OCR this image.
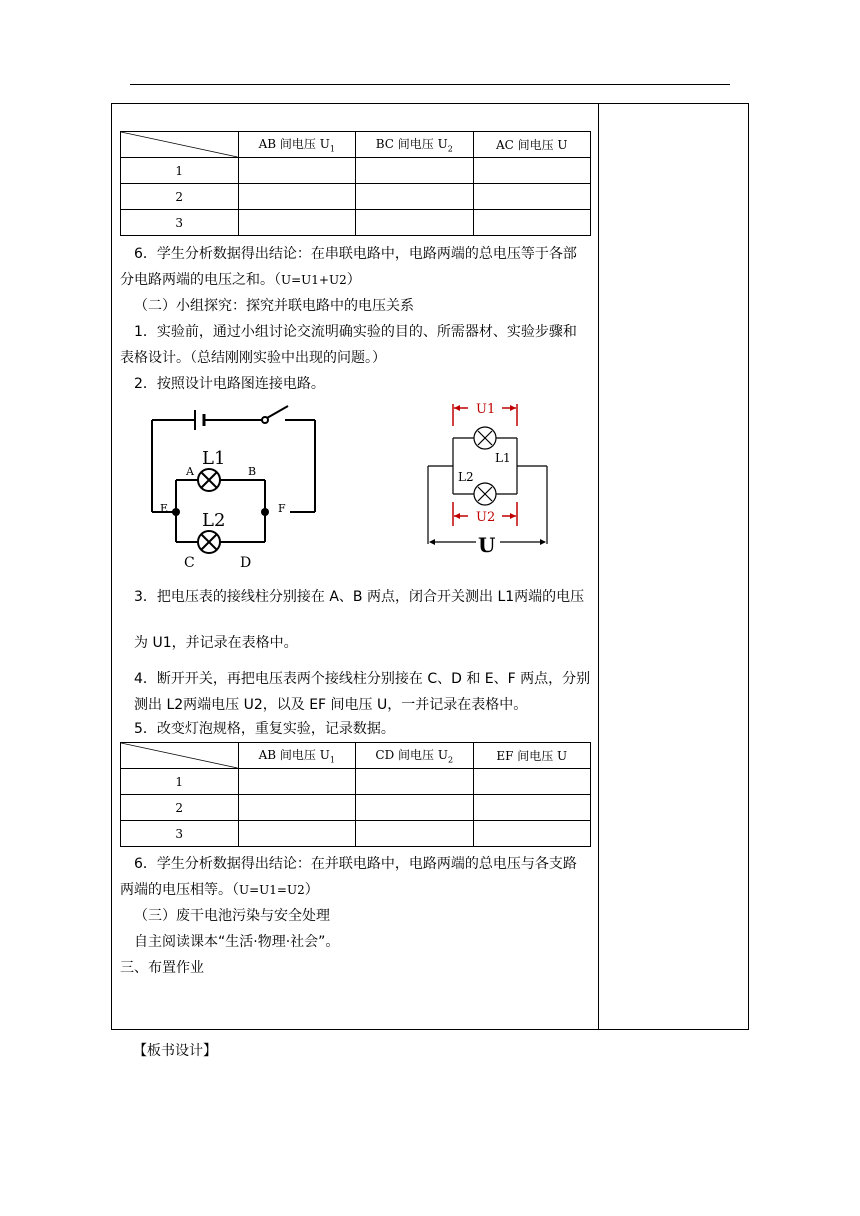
	AB 间电压 $U_1$	BC 间电压 $U_2$	AC 间电压 U
1			
2			
3			
6．学生分析数据得出结论：在串联电路中，电路两端的总电压等于各部
分电路两端的电压之和。（U=U1+U2）
（二）小组探究：探究并联电路中的电压关系
1．实验前，通过小组讨论交流明确实验的目的、所需器材、实验步骤和
表格设计。（总结刚刚实验中出现的问题。）
2．按照设计电路图连接电路。
L1
L2
A	B
E	F
C	D
U1
U2
L1
L2
U
3．把电压表的接线柱分别接在 A、B 两点，闭合开关测出 L1两端的电压
为 U1，并记录在表格中。
4．断开开关，再把电压表两个接线柱分别接在 C、D 和 E、F 两点，分别
测出 L2两端电压 U2，以及 EF 间电压 U，一并记录在表格中。
5．改变灯泡规格，重复实验，记录数据。
	AB 间电压 $U_1$	CD 间电压 $U_2$	EF 间电压 U
1			
2			
3			
6．学生分析数据得出结论：在并联电路中，电路两端的总电压与各支路
两端的电压相等。（U=U1=U2）
（三）废干电池污染与安全处理
自主阅读课本“生活·物理·社会”。
三、布置作业
【板书设计】
